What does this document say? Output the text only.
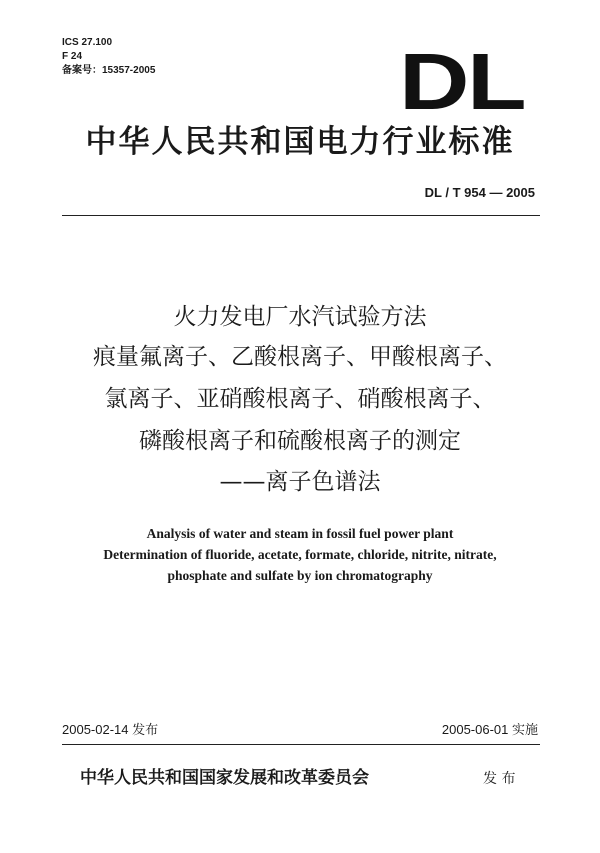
ICS 27.100
F 24
备案号：15357-2005	DL
中华人民共和国电力行业标准
DL / T 954 — 2005
火力发电厂水汽试验方法
痕量氟离子、乙酸根离子、甲酸根离子、
氯离子、亚硝酸根离子、硝酸根离子、
磷酸根离子和硫酸根离子的测定
——离子色谱法
Analysis of water and steam in fossil fuel power plant
Determination of fluoride, acetate, formate, chloride, nitrite, nitrate,
phosphate and sulfate by ion chromatography
2005-02-14 发布	2005-06-01 实施
中华人民共和国国家发展和改革委员会	发 布
